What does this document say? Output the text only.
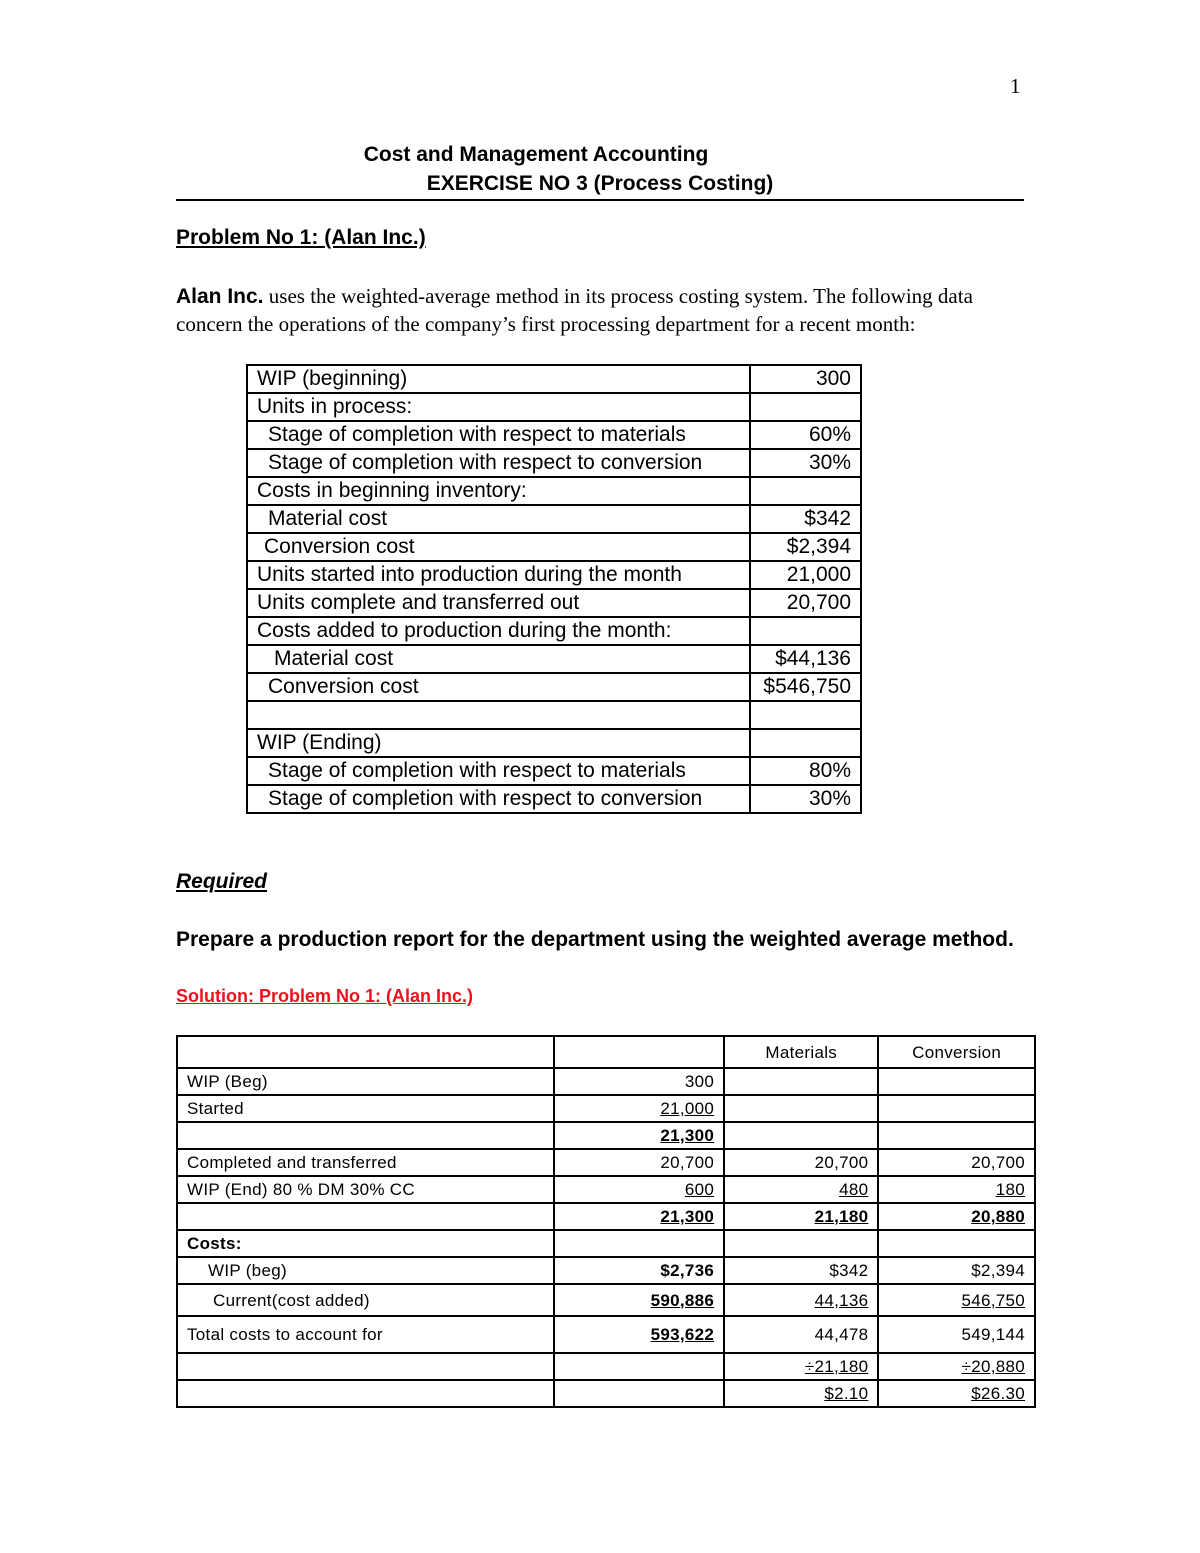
1
Cost and Management Accounting
EXERCISE NO 3 (Process Costing)
Problem No 1: (Alan Inc.)
Alan Inc. uses the weighted-average method in its process costing system. The following data concern the operations of the company’s first processing department for a recent month:
WIP (beginning)	300
Units in process:	
Stage of completion with respect to materials	60%
Stage of completion with respect to conversion	30%
Costs in beginning inventory:	
Material cost	$342
Conversion cost	$2,394
Units started into production during the month	21,000
Units complete and transferred out	20,700
Costs added to production during the month:	
Material cost	$44,136
Conversion cost	$546,750

WIP (Ending)	
Stage of completion with respect to materials	80%
Stage of completion with respect to conversion	30%
Required
Prepare a production report for the department using the weighted average method.
Solution: Problem No 1: (Alan Inc.)
		Materials	Conversion
WIP (Beg)	300		
Started	21,000		
	21,300		
Completed and transferred	20,700	20,700	20,700
WIP (End) 80 % DM 30% CC	600	480	180
	21,300	21,180	20,880
Costs:			
WIP (beg)	$2,736	$342	$2,394
Current(cost added)	590,886	44,136	546,750
Total costs to account for	593,622	44,478	549,144
		÷21,180	÷20,880
		$2.10	$26.30
